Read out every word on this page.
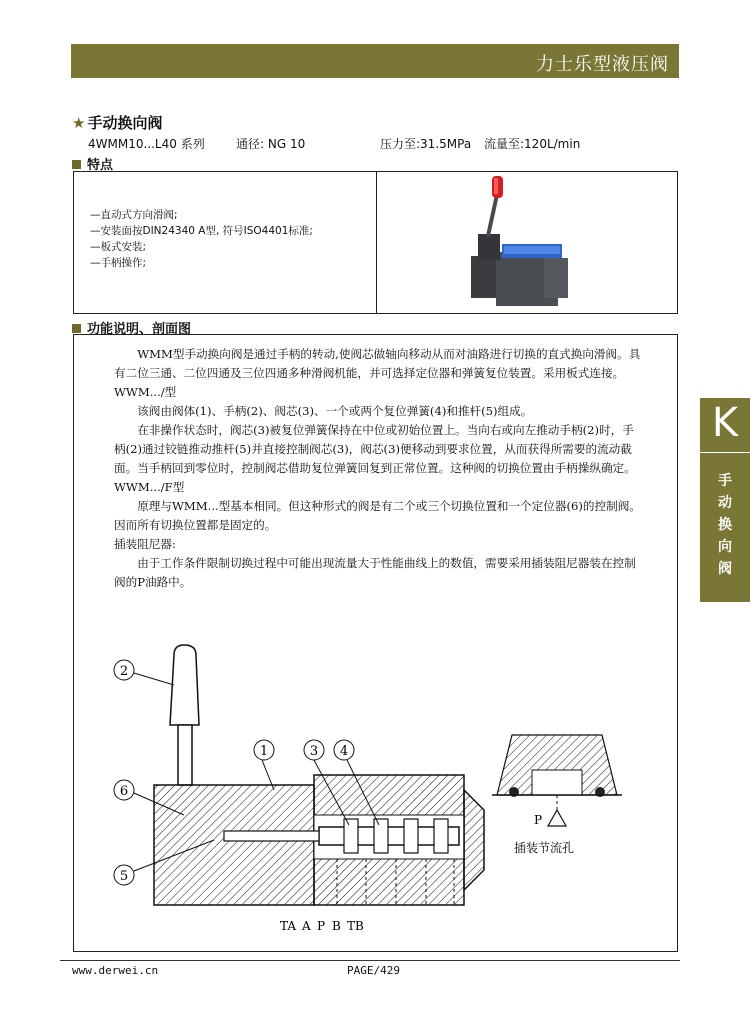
力士乐型液压阀
★ 手动换向阀
4WMM10...L40 系列	通径: NG 10	压力至:31.5MPa 流量至:120L/min
特点
— 直动式方向滑阀;
— 安装面按DIN24340 A型, 符号ISO4401标准;
— 板式安装;
— 手柄操作;
功能说明、剖面图

WMM型手动换向阀是通过手柄的转动,使阀芯做轴向移动从而对油路进行切换的直式换向滑阀。具有二位三通、二位四通及三位四通多种滑阀机能，并可选择定位器和弹簧复位装置。采用板式连接。

WWM.../型

该阀由阀体(1)、手柄(2)、阀芯(3)、一个或两个复位弹簧(4)和推杆(5)组成。

在非操作状态时，阀芯(3)被复位弹簧保持在中位或初始位置上。当向右或向左推动手柄(2)时，手柄(2)通过铰链推动推杆(5)并直接控制阀芯(3)，阀芯(3)便移动到要求位置，从而获得所需要的流动截面。当手柄回到零位时，控制阀芯借助复位弹簧回复到正常位置。这种阀的切换位置由手柄操纵确定。

WWM.../F型

原理与WMM...型基本相同。但这种形式的阀是有二个或三个切换位置和一个定位器(6)的控制阀。因而所有切换位置都是固定的。

插装阻尼器:

由于工作条件限制切换过程中可能出现流量大于性能曲线上的数值，需要采用插装阻尼器装在控制阀的P油路中。

2
1	3 4
6
5
TA A P B TB
P
插装节流孔
K
手
动
换
向
阀
www.derwei.cn	PAGE/429
